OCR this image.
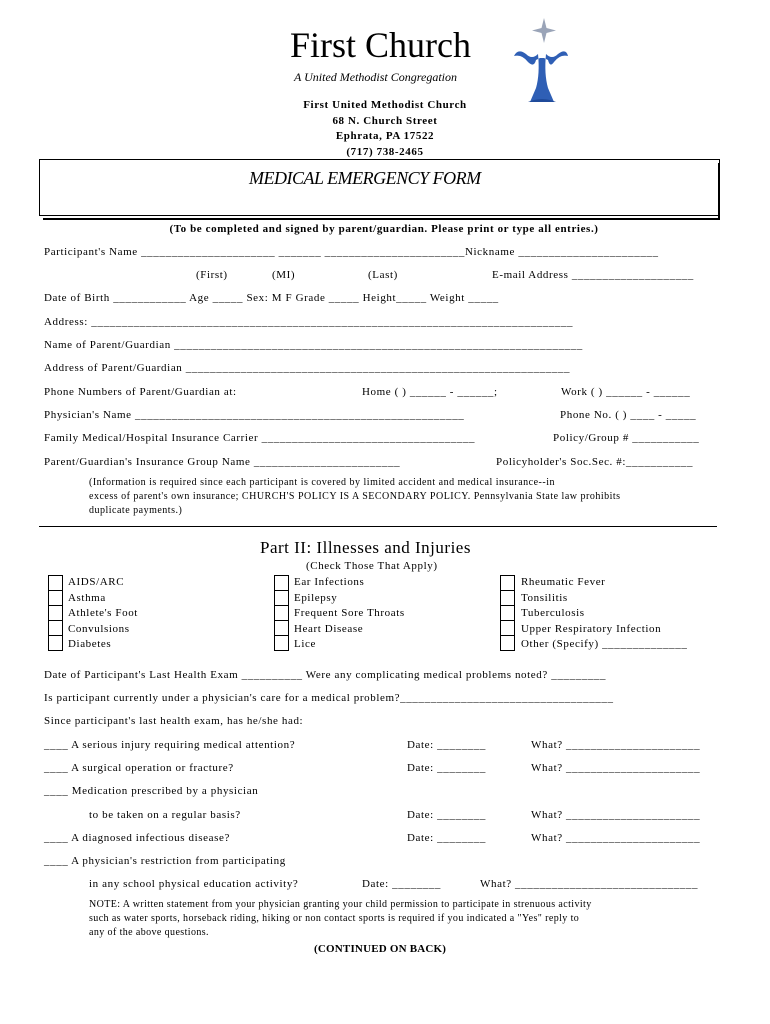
First Church
A United Methodist Congregation
First United Methodist Church
68 N. Church Street
Ephrata, PA 17522
(717) 738-2465
MEDICAL EMERGENCY FORM
(To be completed and signed by parent/guardian. Please print or type all entries.)
Participant's Name ______________________ _______ _______________________Nickname _______________________
(First)	(MI)	(Last)	E-mail Address ____________________
Date of Birth ____________ Age _____ Sex: M F Grade _____ Height_____ Weight _____
Address: _______________________________________________________________________________
Name of Parent/Guardian ___________________________________________________________________
Address of Parent/Guardian _______________________________________________________________
Phone Numbers of Parent/Guardian at:	Home ( ) ______ - ______;	Work ( ) ______ - ______
Physician's Name ______________________________________________________	Phone No. ( ) ____ - _____
Family Medical/Hospital Insurance Carrier ___________________________________	Policy/Group # ___________
Parent/Guardian's Insurance Group Name ________________________	Policyholder's Soc.Sec. #:___________
(Information is required since each participant is covered by limited accident and medical insurance--in
excess of parent's own insurance; CHURCH'S POLICY IS A SECONDARY POLICY. Pennsylvania State law prohibits
duplicate payments.)
Part II: Illnesses and Injuries
(Check Those That Apply)
AIDS/ARC
Asthma
Athlete's Foot
Convulsions
Diabetes
Ear Infections
Epilepsy
Frequent Sore Throats
Heart Disease
Lice
Rheumatic Fever
Tonsilitis
Tuberculosis
Upper Respiratory Infection
Other (Specify) ______________
Date of Participant's Last Health Exam __________ Were any complicating medical problems noted? _________
Is participant currently under a physician's care for a medical problem?___________________________________
Since participant's last health exam, has he/she had:
____ A serious injury requiring medical attention?	Date: ________	What? ______________________
____ A surgical operation or fracture?	Date: ________	What? ______________________
____ Medication prescribed by a physician
to be taken on a regular basis?	Date: ________	What? ______________________
____ A diagnosed infectious disease?	Date: ________	What? ______________________
____ A physician's restriction from participating
in any school physical education activity?	Date: ________	What? ______________________________
NOTE: A written statement from your physician granting your child permission to participate in strenuous activity
such as water sports, horseback riding, hiking or non contact sports is required if you indicated a "Yes" reply to
any of the above questions.
(CONTINUED ON BACK)
